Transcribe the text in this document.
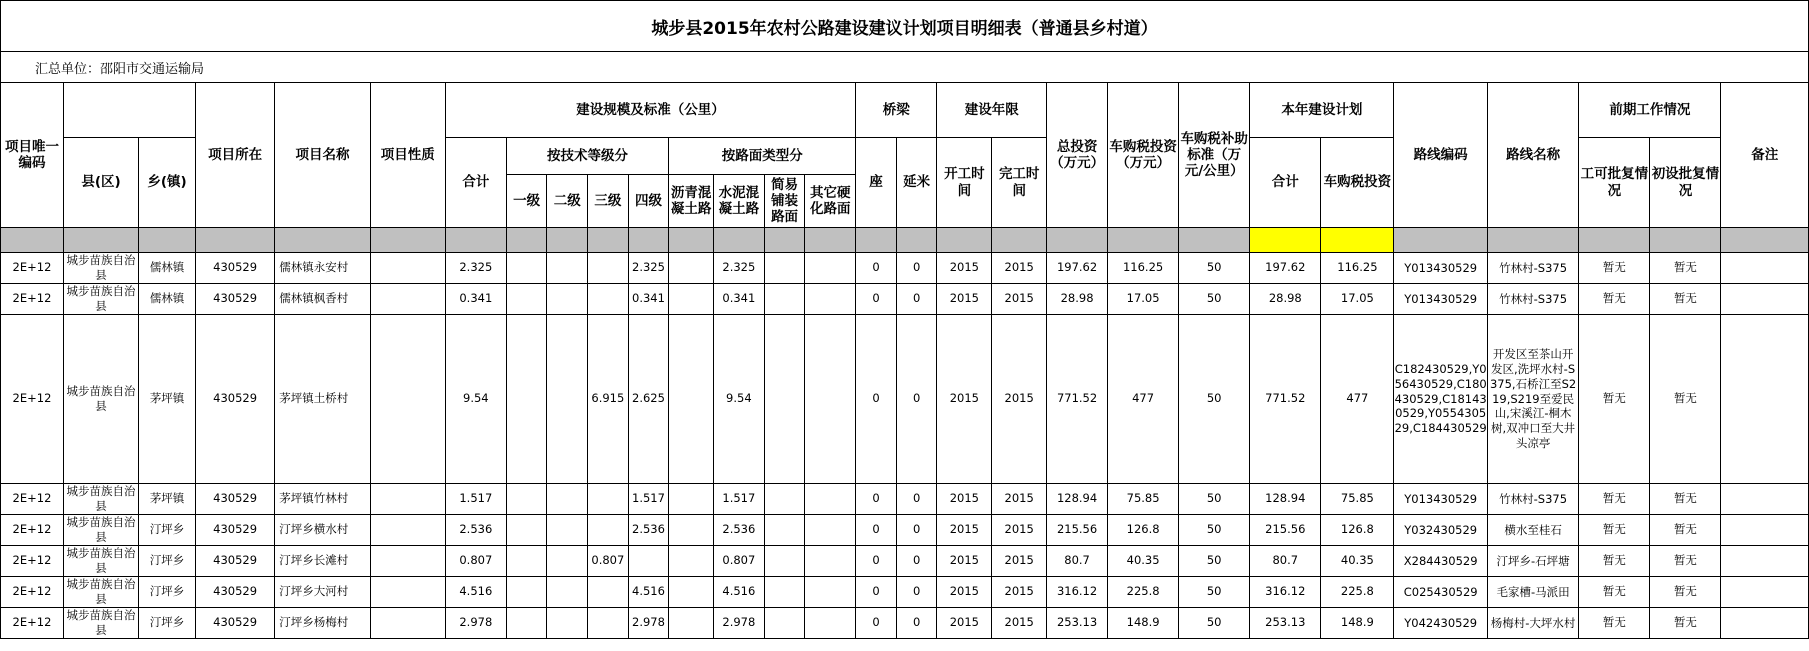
城步县2015年农村公路建设建议计划项目明细表（普通县乡村道）
汇总单位：邵阳市交通运输局
项目唯一编码			项目所在	项目名称	项目性质	建设规模及标准（公里）									桥梁		建设年限		总投资（万元）	车购税投资（万元）	车购税补助标准（万元/公里）	本年建设计划		路线编码	路线名称	前期工作情况		备注
	县(区)	乡(镇)				合计	按技术等级分				按路面类型分				座	延米	开工时间	完工时间				合计	车购税投资			工可批复情况	初设批复情况	
							一级	二级	三级	四级	沥青混凝土路	水泥混凝土路	简易铺装路面	其它硬化路面														

2E+12	城步苗族自治县	儒林镇	430529	儒林镇永安村		2.325				2.325		2.325			0	0	2015	2015	197.62	116.25	50	197.62	116.25	Y013430529	竹林村-S375	暂无	暂无	
2E+12	城步苗族自治县	儒林镇	430529	儒林镇枫香村		0.341				0.341		0.341			0	0	2015	2015	28.98	17.05	50	28.98	17.05	Y013430529	竹林村-S375	暂无	暂无	
2E+12	城步苗族自治县	茅坪镇	430529	茅坪镇土桥村		9.54			6.915	2.625		9.54			0	0	2015	2015	771.52	477	50	771.52	477	C182430529,Y056430529,C180430529,C181430529,Y055430529,C184430529	开发区至茶山开发区,洗坪水村-S375,石桥江至S219,S219至爱民山,宋溪江-桐木树,双冲口至大井头凉亭	暂无	暂无	
2E+12	城步苗族自治县	茅坪镇	430529	茅坪镇竹林村		1.517				1.517		1.517			0	0	2015	2015	128.94	75.85	50	128.94	75.85	Y013430529	竹林村-S375	暂无	暂无	
2E+12	城步苗族自治县	汀坪乡	430529	汀坪乡横水村		2.536				2.536		2.536			0	0	2015	2015	215.56	126.8	50	215.56	126.8	Y032430529	横水至桂石	暂无	暂无	
2E+12	城步苗族自治县	汀坪乡	430529	汀坪乡长滩村		0.807			0.807			0.807			0	0	2015	2015	80.7	40.35	50	80.7	40.35	X284430529	汀坪乡-石坪塘	暂无	暂无	
2E+12	城步苗族自治县	汀坪乡	430529	汀坪乡大河村		4.516				4.516		4.516			0	0	2015	2015	316.12	225.8	50	316.12	225.8	C025430529	毛家槽-马派田	暂无	暂无	
2E+12	城步苗族自治县	汀坪乡	430529	汀坪乡杨梅村		2.978				2.978		2.978			0	0	2015	2015	253.13	148.9	50	253.13	148.9	Y042430529	杨梅村-大坪水村	暂无	暂无	
